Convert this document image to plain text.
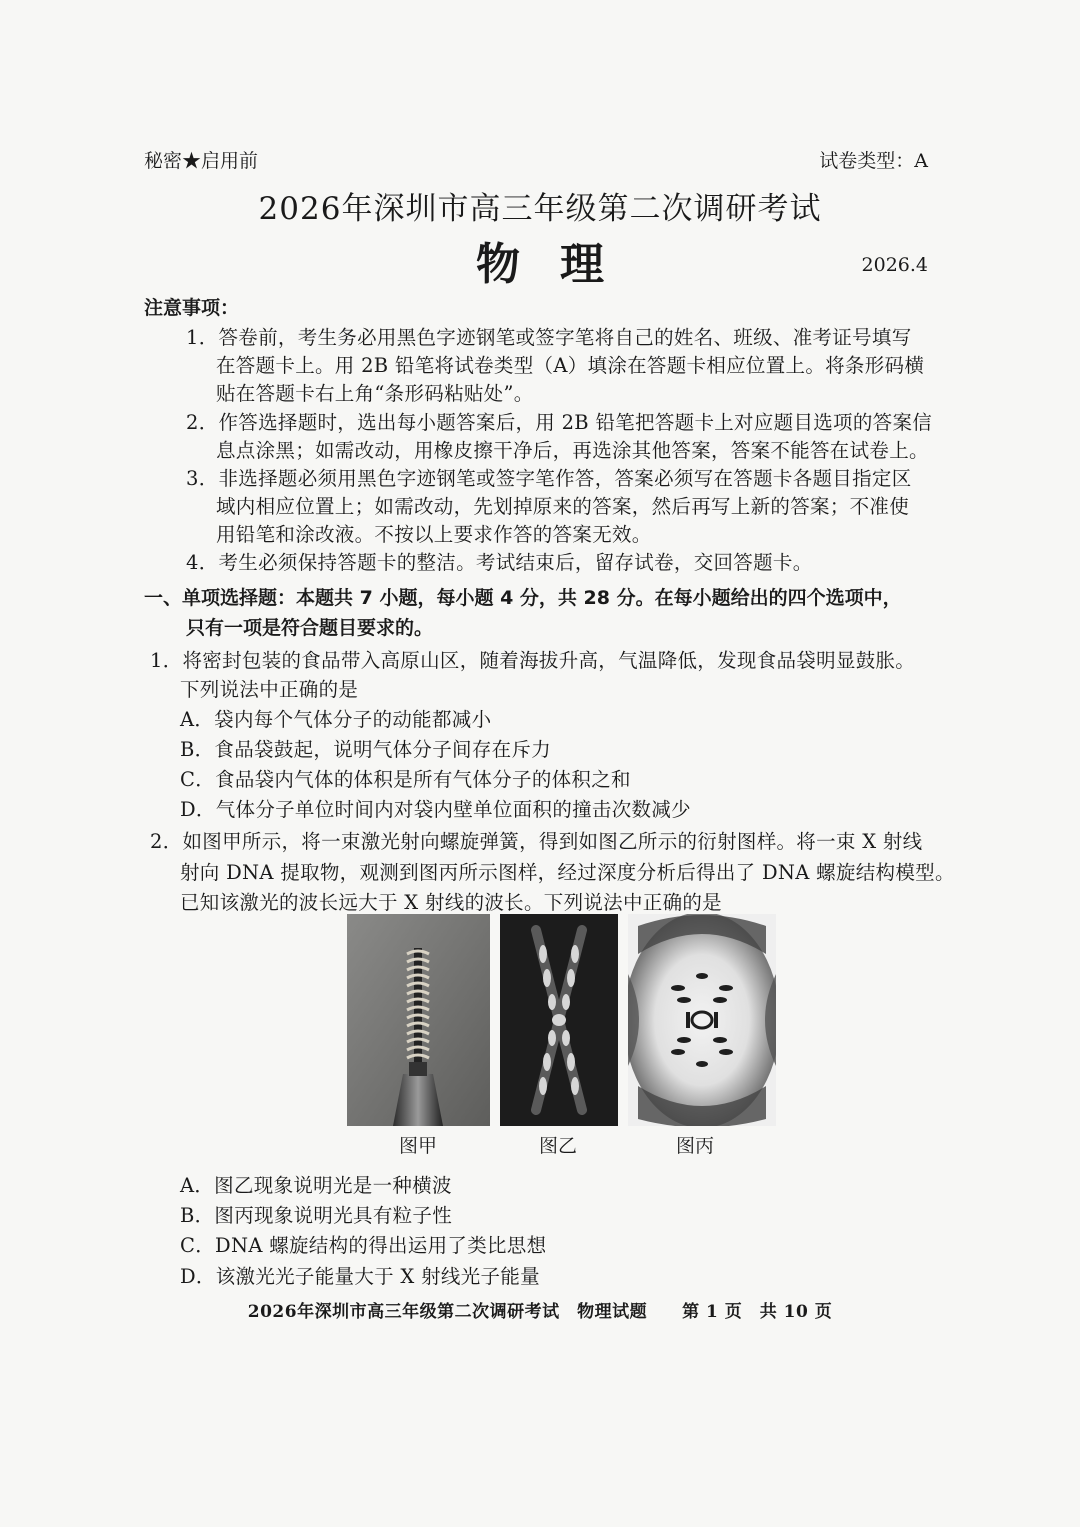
秘密★启用前	试卷类型：A
2026年深圳市高三年级第二次调研考试
物理	2026.4
注意事项：
1．答卷前，考生务必用黑色字迹钢笔或签字笔将自己的姓名、班级、准考证号填写
在答题卡上。用 2B 铅笔将试卷类型（A）填涂在答题卡相应位置上。将条形码横
贴在答题卡右上角“条形码粘贴处”。
2．作答选择题时，选出每小题答案后，用 2B 铅笔把答题卡上对应题目选项的答案信
息点涂黑；如需改动，用橡皮擦干净后，再选涂其他答案，答案不能答在试卷上。
3．非选择题必须用黑色字迹钢笔或签字笔作答，答案必须写在答题卡各题目指定区
域内相应位置上；如需改动，先划掉原来的答案，然后再写上新的答案；不准使
用铅笔和涂改液。不按以上要求作答的答案无效。
4．考生必须保持答题卡的整洁。考试结束后，留存试卷，交回答题卡。
一、单项选择题：本题共 7 小题，每小题 4 分，共 28 分。在每小题给出的四个选项中，
只有一项是符合题目要求的。
1．将密封包装的食品带入高原山区，随着海拔升高，气温降低，发现食品袋明显鼓胀。
下列说法中正确的是
A．袋内每个气体分子的动能都减小
B．食品袋鼓起，说明气体分子间存在斥力
C．食品袋内气体的体积是所有气体分子的体积之和
D．气体分子单位时间内对袋内壁单位面积的撞击次数减少
2．如图甲所示，将一束激光射向螺旋弹簧，得到如图乙所示的衍射图样。将一束 X 射线
射向 DNA 提取物，观测到图丙所示图样，经过深度分析后得出了 DNA 螺旋结构模型。
已知该激光的波长远大于 X 射线的波长。下列说法中正确的是
图甲	图乙	图丙
A．图乙现象说明光是一种横波
B．图丙现象说明光具有粒子性
C．DNA 螺旋结构的得出运用了类比思想
D．该激光光子能量大于 X 射线光子能量
2026年深圳市高三年级第二次调研考试　物理试题　　第 1 页　共 10 页
